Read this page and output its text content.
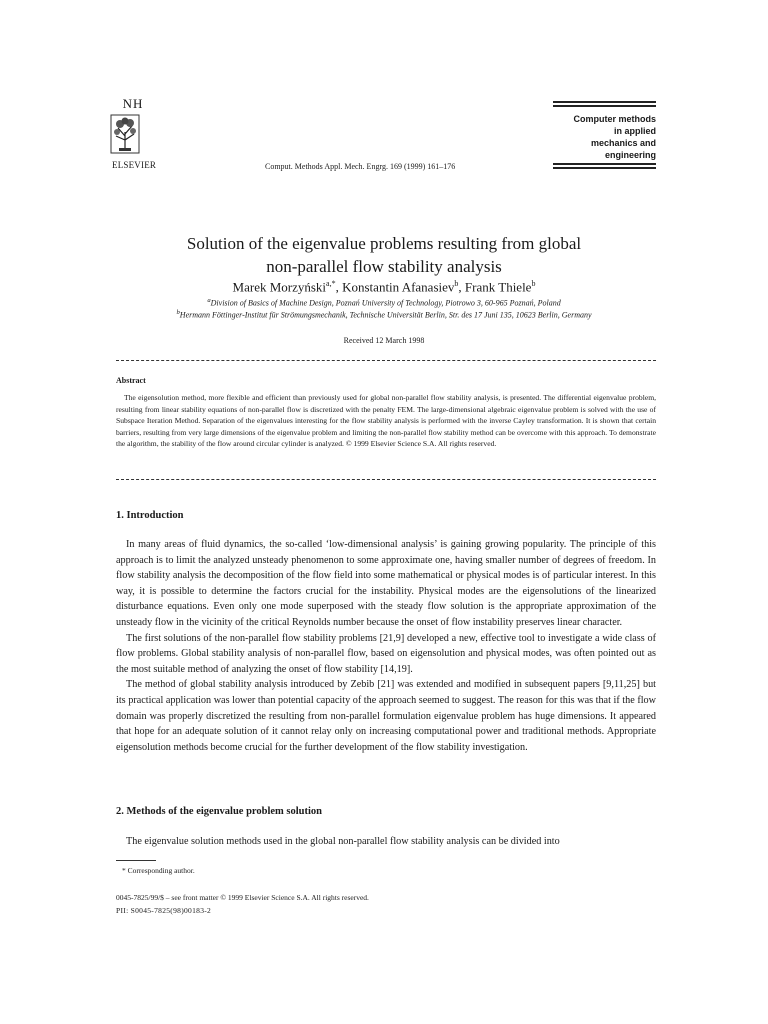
NH
ELSEVIER	Comput. Methods Appl. Mech. Engrg. 169 (1999) 161–176
Computer methods
in applied
mechanics and
engineering
Solution of the eigenvalue problems resulting from global
non-parallel flow stability analysis
Marek Morzyński$^{a,*}$, Konstantin Afanasiev$^b$, Frank Thiele$^b$
$^a$Division of Basics of Machine Design, Poznań University of Technology, Piotrowo 3, 60-965 Poznań, Poland
$^b$Hermann Föttinger-Institut für Strömungsmechanik, Technische Universität Berlin, Str. des 17 Juni 135, 10623 Berlin, Germany
Received 12 March 1998
Abstract
The eigensolution method, more flexible and efficient than previously used for global non-parallel flow stability analysis, is presented. The differential eigenvalue problem, resulting from linear stability equations of non-parallel flow is discretized with the penalty FEM. The large-dimensional algebraic eigenvalue problem is solved with the use of Subspace Iteration Method. Separation of the eigenvalues interesting for the flow stability analysis is performed with the inverse Cayley transformation. It is shown that certain barriers, resulting from very large dimensions of the eigenvalue problem and limiting the non-parallel flow stability method can be overcome with this approach. To demonstrate the algorithm, the stability of the flow around circular cylinder is analyzed. © 1999 Elsevier Science S.A. All rights reserved.
1. Introduction

In many areas of fluid dynamics, the so-called ‘low-dimensional analysis’ is gaining growing popularity. The principle of this approach is to limit the analyzed unsteady phenomenon to some approximate one, having smaller number of degrees of freedom. In flow stability analysis the decomposition of the flow field into some mathematical or physical modes is of particular interest. In this way, it is possible to determine the factors crucial for the instability. Physical modes are the eigensolutions of the linearized disturbance equations. Even only one mode superposed with the steady flow solution is the appropriate approximation of the unsteady flow in the vicinity of the critical Reynolds number because the onset of flow instability preserves linear character.

The first solutions of the non-parallel flow stability problems [21,9] developed a new, effective tool to investigate a wide class of flow problems. Global stability analysis of non-parallel flow, based on eigensolution and physical modes, was often pointed out as the most suitable method of analyzing the onset of flow stability [14,19].

The method of global stability analysis introduced by Zebib [21] was extended and modified in subsequent papers [9,11,25] but its practical application was lower than potential capacity of the approach seemed to suggest. The reason for this was that if the flow domain was properly discretized the resulting from non-parallel formulation eigenvalue problem has huge dimensions. It appeared that hope for an adequate solution of it cannot relay only on increasing computational power and traditional methods. Appropriate eigensolution methods become crucial for the further development of the flow stability investigation.

2. Methods of the eigenvalue problem solution

The eigenvalue solution methods used in the global non-parallel flow stability analysis can be divided into

* Corresponding author.
0045-7825/99/$ – see front matter © 1999 Elsevier Science S.A. All rights reserved.
PII: S0045-7825(98)00183-2
